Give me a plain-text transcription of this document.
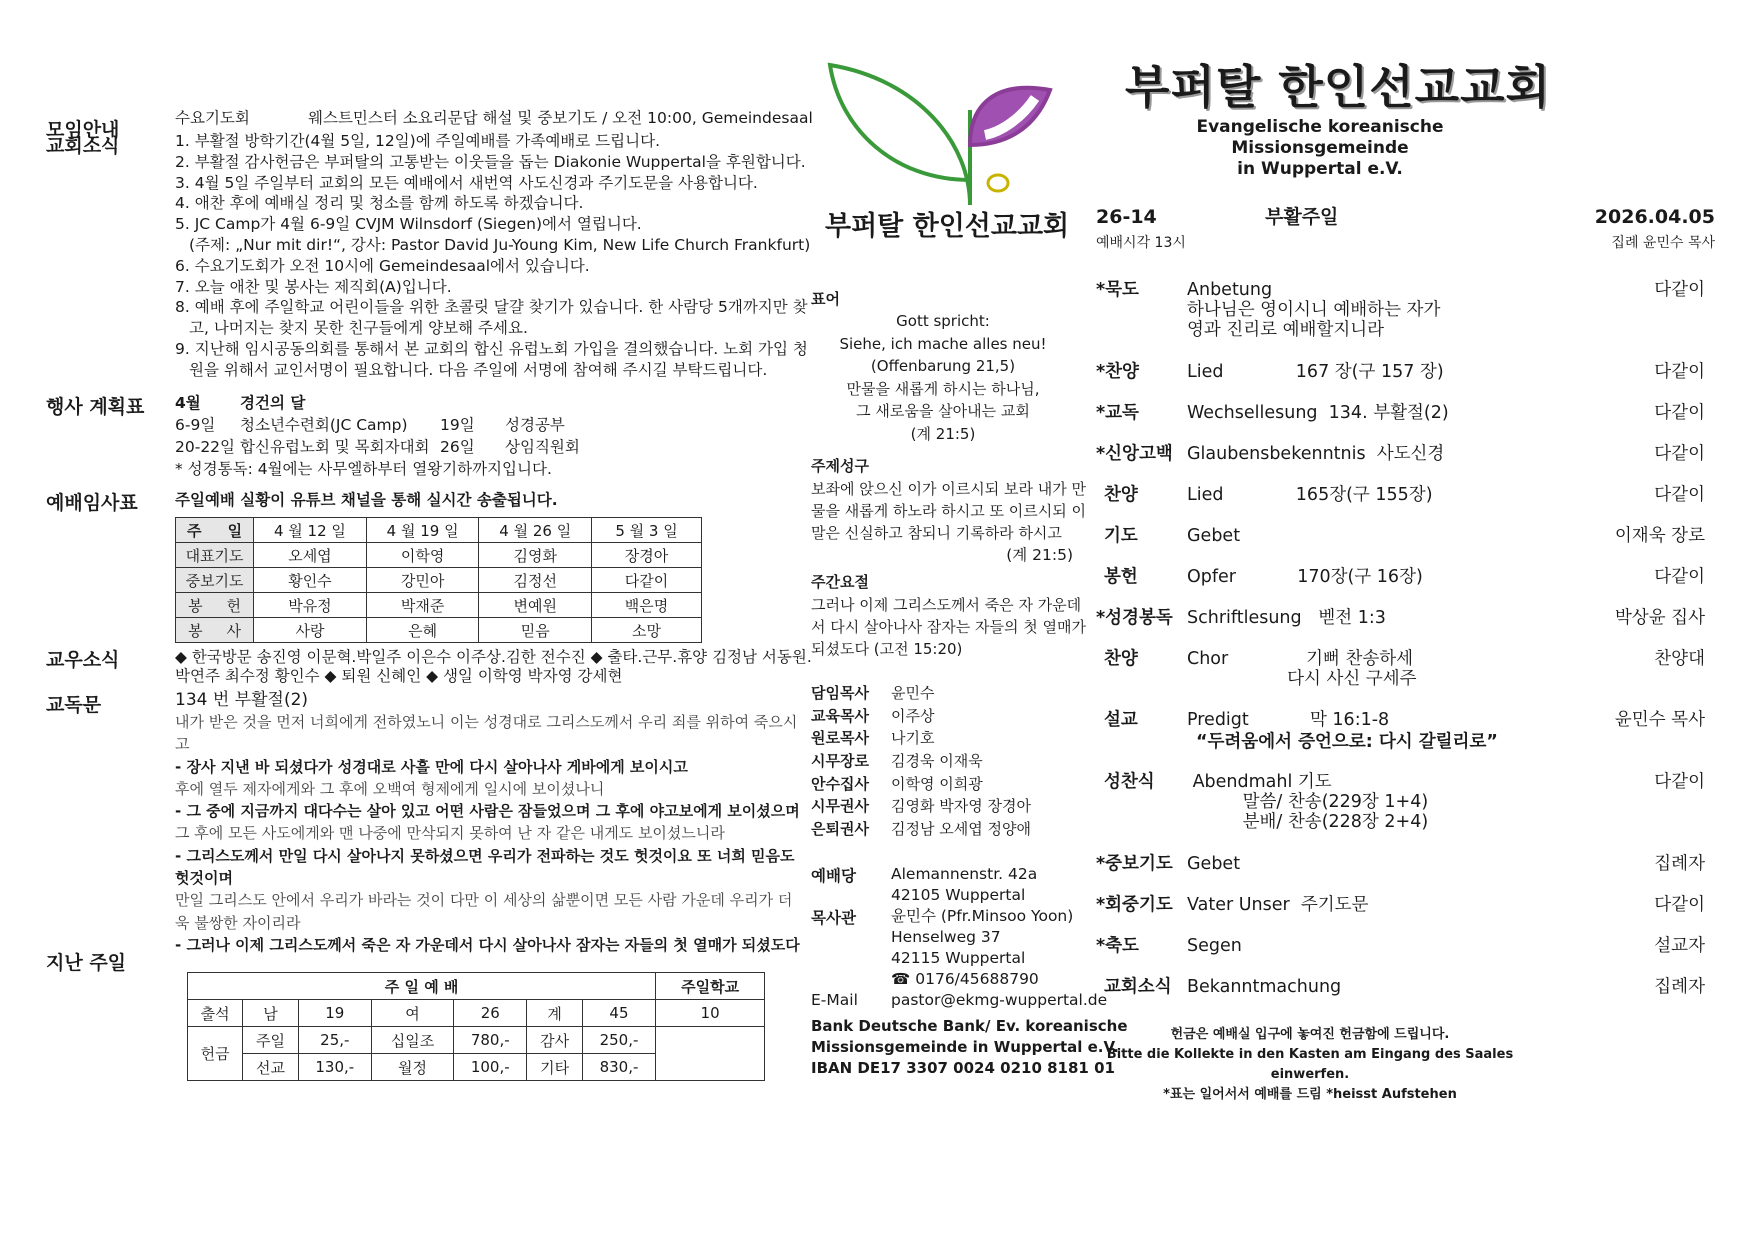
모임안내
수요기도회	웨스트민스터 소요리문답 해설 및 중보기도 / 오전 10:00, Gemeindesaal
교회소식	1. 부활절 방학기간(4월 5일, 12일)에 주일예배를 가족예배로 드립니다.
2. 부활절 감사헌금은 부퍼탈의 고통받는 이웃들을 돕는 Diakonie Wuppertal을 후원합니다.
3. 4월 5일 주일부터 교회의 모든 예배에서 새번역 사도신경과 주기도문을 사용합니다.
4. 애찬 후에 예배실 정리 및 청소를 함께 하도록 하겠습니다.
5. JC Camp가 4월 6-9일 CVJM Wilnsdorf (Siegen)에서 열립니다.
(주제: „Nur mit dir!“, 강사: Pastor David Ju-Young Kim, New Life Church Frankfurt)
6. 수요기도회가 오전 10시에 Gemeindesaal에서 있습니다.
7. 오늘 애찬 및 봉사는 제직회(A)입니다.
8. 예배 후에 주일학교 어린이들을 위한 초콜릿 달걀 찾기가 있습니다. 한 사람당 5개까지만 찾
고, 나머지는 찾지 못한 친구들에게 양보해 주세요.
9. 지난해 임시공동의회를 통해서 본 교회의 합신 유럽노회 가입을 결의했습니다. 노회 가입 청
원을 위해서 교인서명이 필요합니다. 다음 주일에 서명에 참여해 주시길 부탁드립니다.
행사 계획표 4월	경건의 달
6-9일 청소년수련회(JC Camp) 19일 성경공부
20-22일 합신유럽노회 및 목회자대회 26일 상임직원회
* 성경통독: 4월에는 사무엘하부터 열왕기하까지입니다.
예배임사표 주일예배 실황이 유튜브 채널을 통해 실시간 송출됩니다.
주     일	4 월 12 일	4 월 19 일	4 월 26 일	5 월 3 일
대표기도	오세엽	이학영	김영화	장경아
중보기도	황인수	강민아	김정선	다같이
봉     헌	박유정	박재준	변예원	백은명
봉     사	사랑	은혜	믿음	소망
교우소식	◆ 한국방문 송진영 이문혁.박일주 이은수 이주상.김한 전수진 ◆ 출타.근무.휴양 김정남 서동원.
박연주 최수정 황인수 ◆ 퇴원 신혜인 ◆ 생일 이학영 박자영 강세현
교독문	134 번 부활절(2)
내가 받은 것을 먼저 너희에게 전하였노니 이는 성경대로 그리스도께서 우리 죄를 위하여 죽으시
고
- 장사 지낸 바 되셨다가 성경대로 사흘 만에 다시 살아나사 게바에게 보이시고
후에 열두 제자에게와 그 후에 오백여 형제에게 일시에 보이셨나니
- 그 중에 지금까지 대다수는 살아 있고 어떤 사람은 잠들었으며 그 후에 야고보에게 보이셨으며
그 후에 모든 사도에게와 맨 나중에 만삭되지 못하여 난 자 같은 내게도 보이셨느니라
- 그리스도께서 만일 다시 살아나지 못하셨으면 우리가 전파하는 것도 헛것이요 또 너희 믿음도
헛것이며
만일 그리스도 안에서 우리가 바라는 것이 다만 이 세상의 삶뿐이면 모든 사람 가운데 우리가 더
욱 불쌍한 자이리라
- 그러나 이제 그리스도께서 죽은 자 가운데서 다시 살아나사 잠자는 자들의 첫 열매가 되셨도다
지난 주일
주 일 예 배							주일학교
출석	남	19	여	26	계	45	10
헌금	주일	25,-	십일조	780,-	감사	250,-	
	선교	130,-	월정	100,-	기타	830,-	
부퍼탈 한인선교교회
표어
Gott spricht:
Siehe, ich mache alles neu!
(Offenbarung 21,5)
만물을 새롭게 하시는 하나님,
그 새로움을 살아내는 교회
(계 21:5)
주제성구
보좌에 앉으신 이가 이르시되 보라 내가 만
물을 새롭게 하노라 하시고 또 이르시되 이
말은 신실하고 참되니 기록하라 하시고
(계 21:5)
주간요절
그러나 이제 그리스도께서 죽은 자 가운데
서 다시 살아나사 잠자는 자들의 첫 열매가
되셨도다 (고전 15:20)
담임목사 윤민수
교육목사 이주상
원로목사 나기호
시무장로 김경욱 이재욱
안수집사 이학영 이희광
시무권사 김영화 박자영 장경아
은퇴권사 김정남 오세엽 정양애
예배당 Alemannenstr. 42a
42105 Wuppertal
목사관 윤민수 (Pfr.Minsoo Yoon)
Henselweg 37
42115 Wuppertal
☎ 0176/45688790
E-Mail pastor@ekmg-wuppertal.de
Bank Deutsche Bank/ Ev. koreanische
Missionsgemeinde in Wuppertal e.V.
IBAN DE17 3307 0024 0210 8181 01
부퍼탈 한인선교교회
Evangelische koreanische Missionsgemeinde
in Wuppertal e.V.
26-14	부활주일	2026.04.05
예배시각 13시	집례 윤민수 목사
*묵도	Anbetung	다같이
하나님은 영이시니 예배하는 자가
영과 진리로 예배할지니라
*찬양	Lied             167 장(구 157 장)	다같이
*교독	Wechsellesung  134. 부활절(2)	다같이
*신앙고백 Glaubensbekenntnis  사도신경	다같이
찬양	Lied             165장(구 155장)	다같이
기도	Gebet	이재욱 장로
봉헌	Opfer           170장(구 16장)	다같이
*성경봉독 Schriftlesung   벧전 1:3	박상윤 집사
찬양	Chor              기뻐 찬송하세	찬양대
다시 사신 구세주
설교	Predigt           막 16:1-8	윤민수 목사
성찬식 Abendmahl 기도	다같이
말씀/ 찬송(229장 1+4)
분배/ 찬송(228장 2+4)
*중보기도 Gebet	집례자
*회중기도 Vater Unser  주기도문	다같이
*축도	Segen	설교자
교회소식 Bekanntmachung	집례자
“두려움에서 증언으로: 다시 갈릴리로”
헌금은 예배실 입구에 놓여진 헌금함에 드립니다.
Bitte die Kollekte in den Kasten am Eingang des Saales einwerfen.
*표는 일어서서 예배를 드림 *heisst Aufstehen
